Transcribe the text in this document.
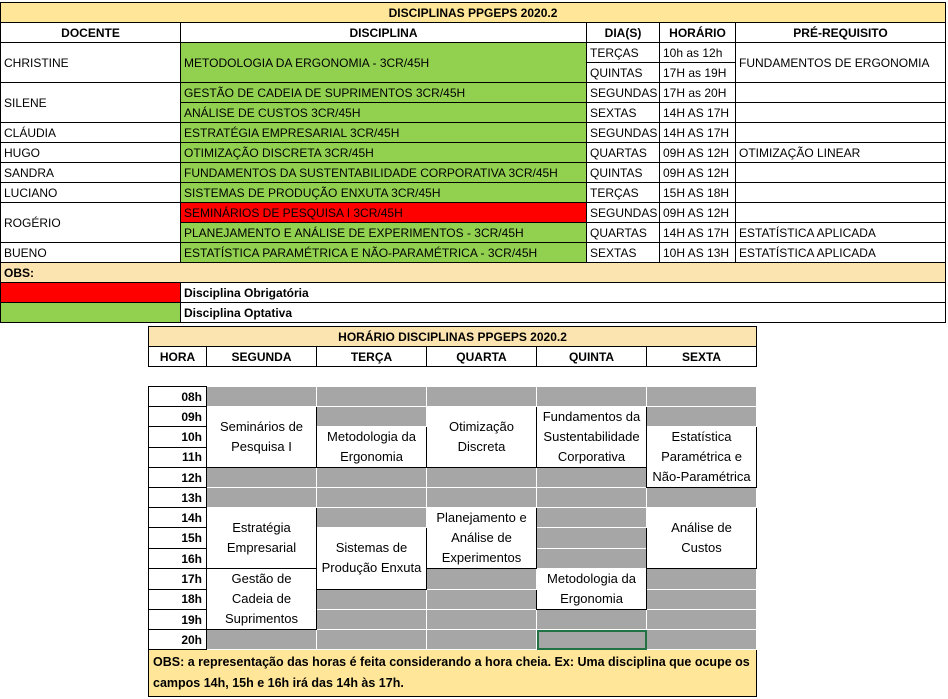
DISCIPLINAS PPGEPS 2020.2				
DOCENTE	DISCIPLINA	DIA(S)	HORÁRIO	PRÉ-REQUISITO
CHRISTINE	METODOLOGIA DA ERGONOMIA - 3CR/45H	TERÇAS	10h as 12h	FUNDAMENTOS DE ERGONOMIA
		QUINTAS	17H as 19H	
SILENE	GESTÃO DE CADEIA DE SUPRIMENTOS 3CR/45H	SEGUNDAS	17H as 20H	
	ANÁLISE DE CUSTOS 3CR/45H	SEXTAS	14H AS 17H	
CLÁUDIA	ESTRATÉGIA EMPRESARIAL 3CR/45H	SEGUNDAS	14H AS 17H	
HUGO	OTIMIZAÇÃO DISCRETA 3CR/45H	QUARTAS	09H AS 12H	OTIMIZAÇÃO LINEAR
SANDRA	FUNDAMENTOS DA SUSTENTABILIDADE CORPORATIVA 3CR/45H	QUINTAS	09H AS 12H	
LUCIANO	SISTEMAS DE PRODUÇÃO ENXUTA 3CR/45H	TERÇAS	15H AS 18H	
ROGÉRIO	SEMINÁRIOS DE PESQUISA I 3CR/45H	SEGUNDAS	09H AS 12H	
	PLANEJAMENTO E ANÁLISE DE EXPERIMENTOS - 3CR/45H	QUARTAS	14H AS 17H	ESTATÍSTICA APLICADA
BUENO	ESTATÍSTICA PARAMÉTRICA E NÃO-PARAMÉTRICA - 3CR/45H	SEXTAS	10H AS 13H	ESTATÍSTICA APLICADA
OBS:				
	Disciplina Obrigatória			
	Disciplina Optativa			
HORÁRIO DISCIPLINAS PPGEPS 2020.2					
HORA	SEGUNDA	TERÇA	QUARTA	QUINTA	SEXTA

08h					
09h	Seminários de Pesquisa I		Otimização Discreta	Fundamentos da Sustentabilidade Corporativa	
10h		Metodologia da Ergonomia			Estatística Paramétrica e Não-Paramétrica
11h					
12h					
13h					
14h	Estratégia Empresarial		Planejamento e Análise de Experimentos		Análise de Custos
15h		Sistemas de Produção Enxuta			
16h					
17h	Gestão de Cadeia de Suprimentos			Metodologia da Ergonomia	
18h					
19h					
20h					
OBS: a representação das horas é feita considerando a hora cheia. Ex: Uma disciplina que ocupe os campos 14h, 15h e 16h irá das 14h às 17h.					
